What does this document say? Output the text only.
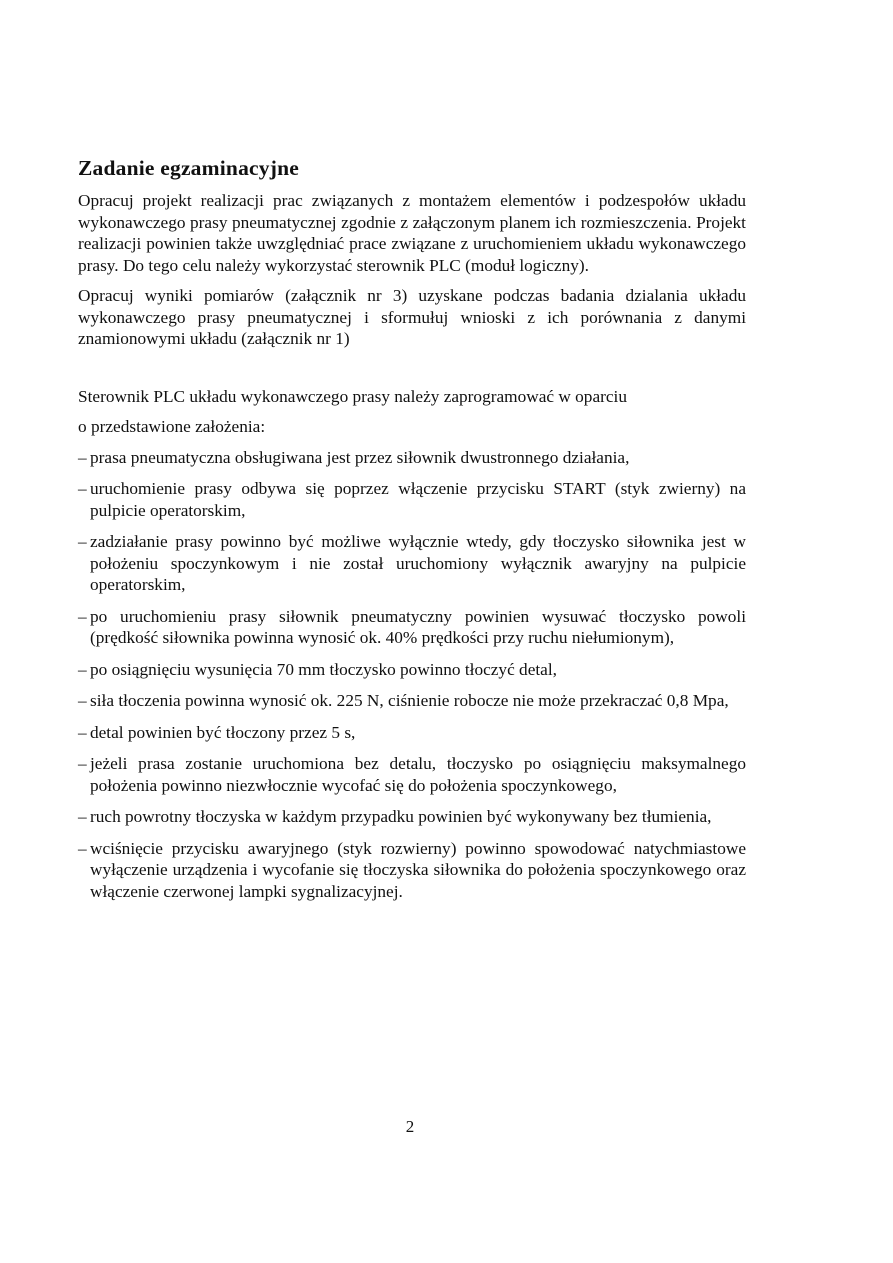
Zadanie egzaminacyjne

Opracuj projekt realizacji prac związanych z montażem elementów i podzespołów układu wykonawczego prasy pneumatycznej zgodnie z załączonym planem ich rozmieszczenia. Projekt realizacji powinien także uwzględniać prace związane z uruchomieniem układu wykonawczego prasy. Do tego celu należy wykorzystać sterownik PLC (moduł logiczny).

Opracuj wyniki pomiarów (załącznik nr 3) uzyskane podczas badania dzialania układu wykonawczego prasy pneumatycznej i sformułuj wnioski z ich porównania z danymi znamionowymi układu (załącznik nr 1)

Sterownik PLC układu wykonawczego prasy należy zaprogramować w oparciu

o przedstawione założenia:

– prasa pneumatyczna obsługiwana jest przez siłownik dwustronnego działania,
– uruchomienie prasy odbywa się poprzez włączenie przycisku START (styk zwierny) na pulpicie operatorskim,
– zadziałanie prasy powinno być możliwe wyłącznie wtedy, gdy tłoczysko siłownika jest w położeniu spoczynkowym i nie został uruchomiony wyłącznik awaryjny na pulpicie operatorskim,
– po uruchomieniu prasy siłownik pneumatyczny powinien wysuwać tłoczysko powoli (prędkość siłownika powinna wynosić ok. 40% prędkości przy ruchu niełumionym),
– po osiągnięciu wysunięcia 70 mm tłoczysko powinno tłoczyć detal,
– siła tłoczenia powinna wynosić ok. 225 N, ciśnienie robocze nie może przekraczać 0,8 Mpa,
– detal powinien być tłoczony przez 5 s,
– jeżeli prasa zostanie uruchomiona bez detalu, tłoczysko po osiągnięciu maksymalnego położenia powinno niezwłocznie wycofać się do położenia spoczynkowego,
– ruch powrotny tłoczyska w każdym przypadku powinien być wykonywany bez tłumienia,
– wciśnięcie przycisku awaryjnego (styk rozwierny) powinno spowodować natychmiastowe wyłączenie urządzenia i wycofanie się tłoczyska siłownika do położenia spoczynkowego oraz włączenie czerwonej lampki sygnalizacyjnej.
2
